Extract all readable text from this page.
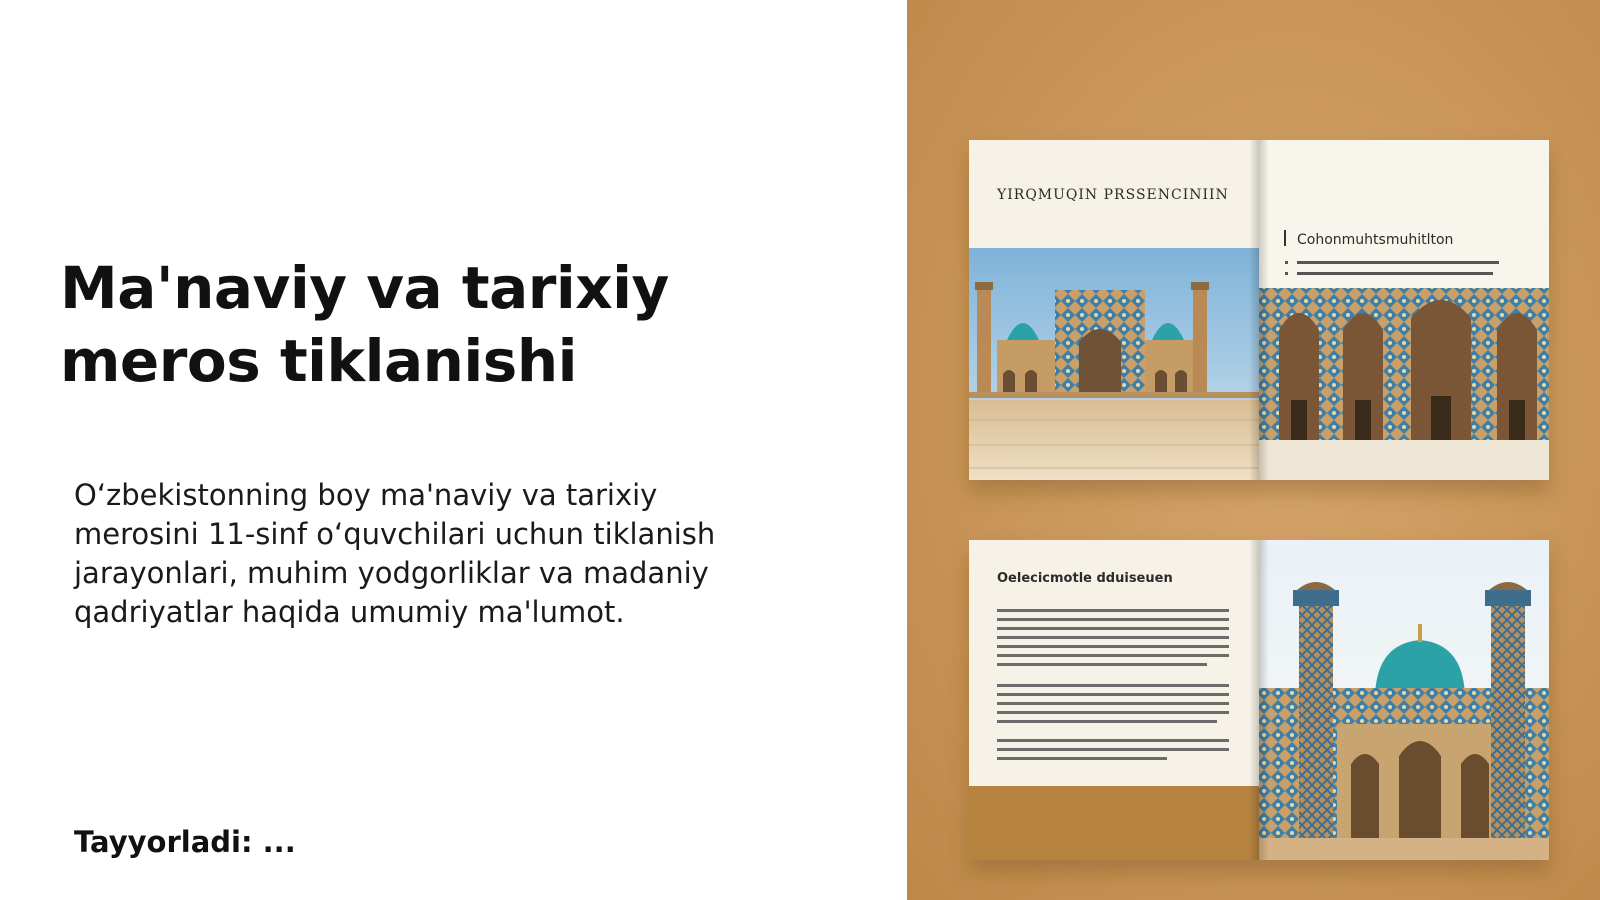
Ma'naviy va tarixiy meros tiklanishi

O‘zbekistonning boy ma'naviy va tarixiy merosini 11-sinf o‘quvchilari uchun tiklanish jarayonlari, muhim yodgorliklar va madaniy qadriyatlar haqida umumiy ma'lumot.

Tayyorladi: ...

YIRQMUQIN PRSSENCINIIN
Cohonmuhtsmuhitlton
Oelecicmotle dduiseuen
